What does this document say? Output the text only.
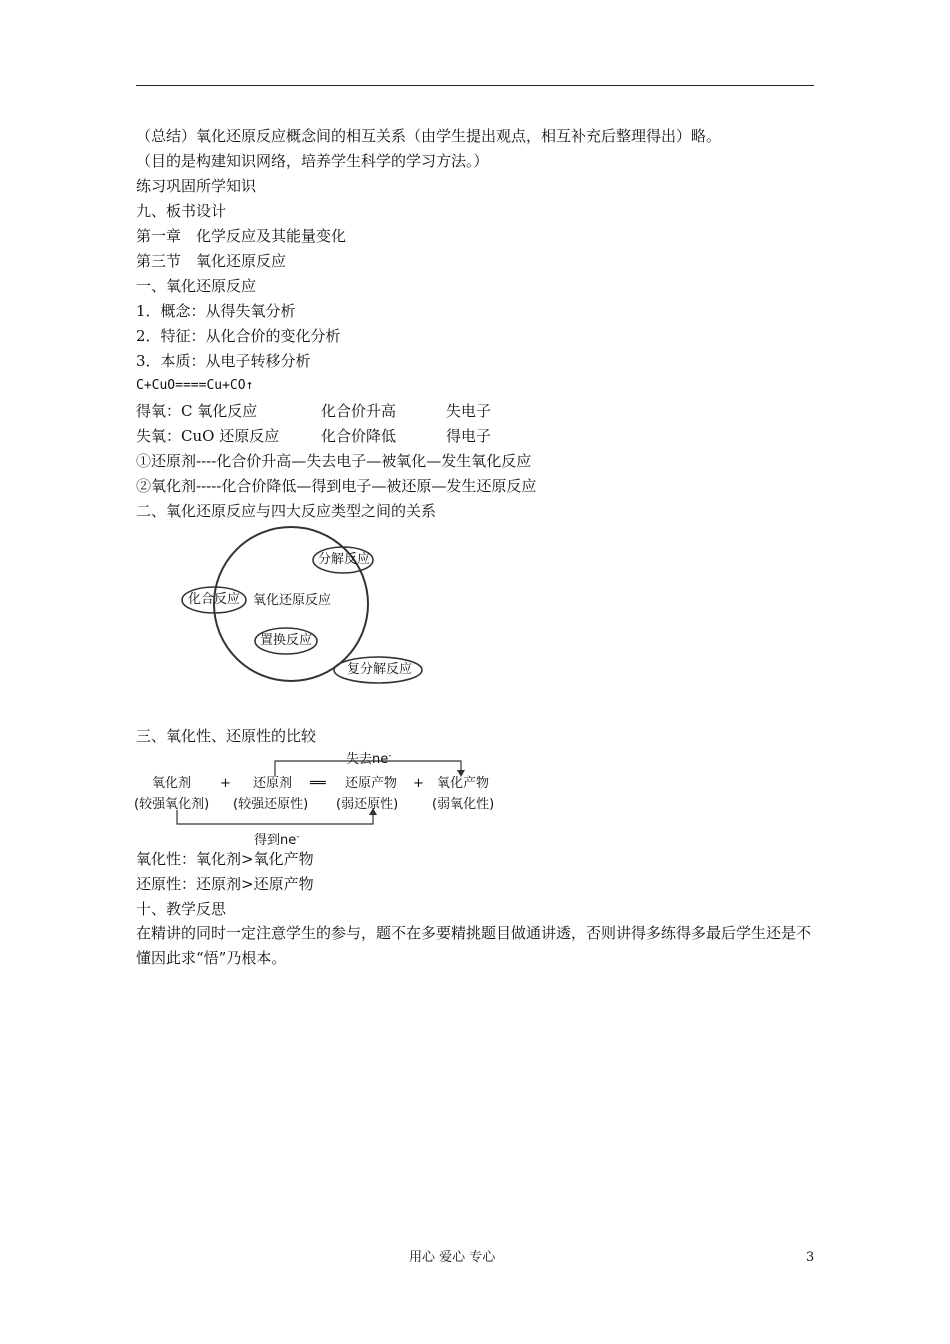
（总结）氧化还原反应概念间的相互关系（由学生提出观点，相互补充后整理得出）略。
（目的是构建知识网络，培养学生科学的学习方法。）
练习巩固所学知识
九、板书设计
第一章　化学反应及其能量变化
第三节　氧化还原反应
一、氧化还原反应
1．概念：从得失氧分析
2．特征：从化合价的变化分析
3．本质：从电子转移分析
C+CuO====Cu+CO↑
得氧：C 氧化反应	化合价升高	失电子
失氧：CuO 还原反应	化合价降低	得电子
①还原剂----化合价升高—失去电子—被氧化—发生氧化反应
②氧化剂-----化合价降低—得到电子—被还原—发生还原反应
二、氧化还原反应与四大反应类型之间的关系
分解反应
化合反应 氧化还原反应
置换反应
复分解反应
三、氧化性、还原性的比较
失去ne-
氧化剂 + 还原剂 ══ 还原产物 + 氧化产物
(较强氧化剂) (较强还原性) (弱还原性)	(弱氧化性)
得到ne-
氧化性：氧化剂>氧化产物
还原性：还原剂>还原产物
十、教学反思
在精讲的同时一定注意学生的参与，题不在多要精挑题目做通讲透，否则讲得多练得多最后学生还是不懂因此求“悟”乃根本。
用心 爱心 专心	3
